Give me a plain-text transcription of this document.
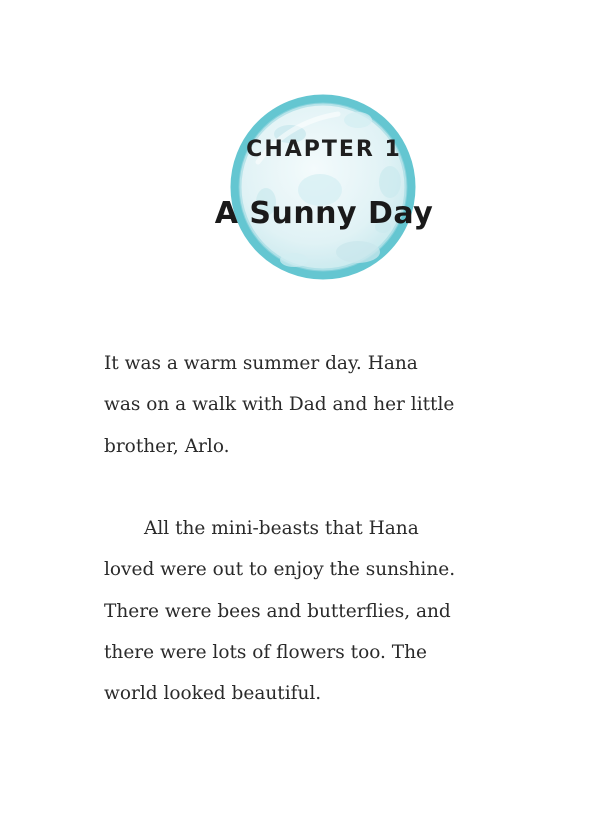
CHAPTER 1
A Sunny Day
It was a warm summer day. Hana
was on a walk with Dad and her little
brother, Arlo.
All the mini-beasts that Hana
loved were out to enjoy the sunshine.
There were bees and butterflies, and
there were lots of flowers too. The
world looked beautiful.
